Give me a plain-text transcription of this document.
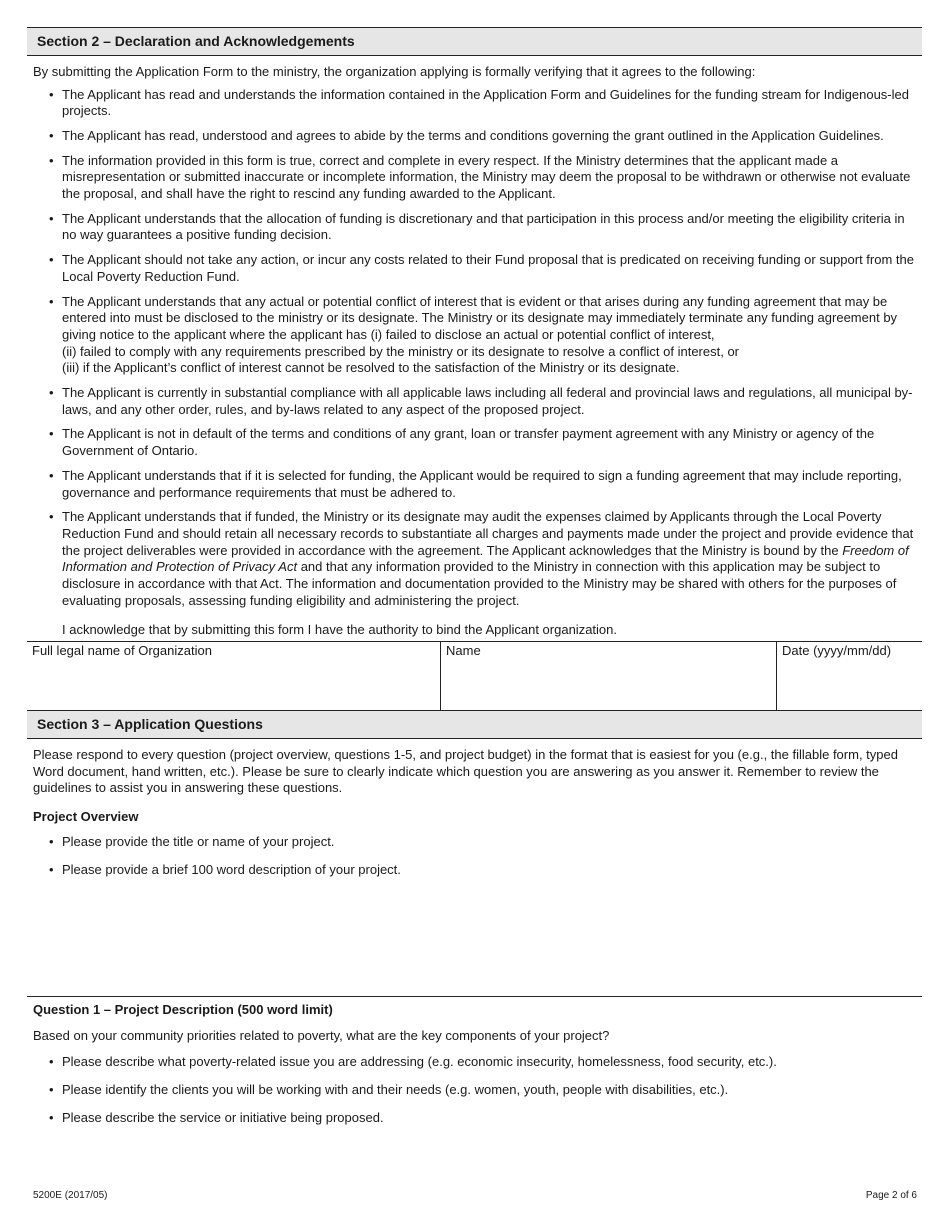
Section 2 – Declaration and Acknowledgements
By submitting the Application Form to the ministry, the organization applying is formally verifying that it agrees to the following:
• The Applicant has read and understands the information contained in the Application Form and Guidelines for the funding stream for Indigenous-led projects.
• The Applicant has read, understood and agrees to abide by the terms and conditions governing the grant outlined in the Application Guidelines.
• The information provided in this form is true, correct and complete in every respect. If the Ministry determines that the applicant made a misrepresentation or submitted inaccurate or incomplete information, the Ministry may deem the proposal to be withdrawn or otherwise not evaluate the proposal, and shall have the right to rescind any funding awarded to the Applicant.
• The Applicant understands that the allocation of funding is discretionary and that participation in this process and/or meeting the eligibility criteria in no way guarantees a positive funding decision.
• The Applicant should not take any action, or incur any costs related to their Fund proposal that is predicated on receiving funding or support from the Local Poverty Reduction Fund.
• The Applicant understands that any actual or potential conflict of interest that is evident or that arises during any funding agreement that may be entered into must be disclosed to the ministry or its designate. The Ministry or its designate may immediately terminate any funding agreement by giving notice to the applicant where the applicant has (i) failed to disclose an actual or potential conflict of interest,
(ii) failed to comply with any requirements prescribed by the ministry or its designate to resolve a conflict of interest, or
(iii) if the Applicant’s conflict of interest cannot be resolved to the satisfaction of the Ministry or its designate.
• The Applicant is currently in substantial compliance with all applicable laws including all federal and provincial laws and regulations, all municipal by-laws, and any other order, rules, and by-laws related to any aspect of the proposed project.
• The Applicant is not in default of the terms and conditions of any grant, loan or transfer payment agreement with any Ministry or agency of the Government of Ontario.
• The Applicant understands that if it is selected for funding, the Applicant would be required to sign a funding agreement that may include reporting, governance and performance requirements that must be adhered to.
• The Applicant understands that if funded, the Ministry or its designate may audit the expenses claimed by Applicants through the Local Poverty Reduction Fund and should retain all necessary records to substantiate all charges and payments made under the project and provide evidence that the project deliverables were provided in accordance with the agreement. The Applicant acknowledges that the Ministry is bound by the Freedom of Information and Protection of Privacy Act and that any information provided to the Ministry in connection with this application may be subject to disclosure in accordance with that Act. The information and documentation provided to the Ministry may be shared with others for the purposes of evaluating proposals, assessing funding eligibility and administering the project.
I acknowledge that by submitting this form I have the authority to bind the Applicant organization.
Full legal name of Organization	Name	Date (yyyy/mm/dd)
Section 3 – Application Questions
Please respond to every question (project overview, questions 1-5, and project budget) in the format that is easiest for you (e.g., the fillable form, typed Word document, hand written, etc.). Please be sure to clearly indicate which question you are answering as you answer it. Remember to review the guidelines to assist you in answering these questions.
Project Overview
• Please provide the title or name of your project.
• Please provide a brief 100 word description of your project.
Question 1 – Project Description (500 word limit)
Based on your community priorities related to poverty, what are the key components of your project?
• Please describe what poverty-related issue you are addressing (e.g. economic insecurity, homelessness, food security, etc.).
• Please identify the clients you will be working with and their needs (e.g. women, youth, people with disabilities, etc.).
• Please describe the service or initiative being proposed.
5200E (2017/05)	Page 2 of 6
